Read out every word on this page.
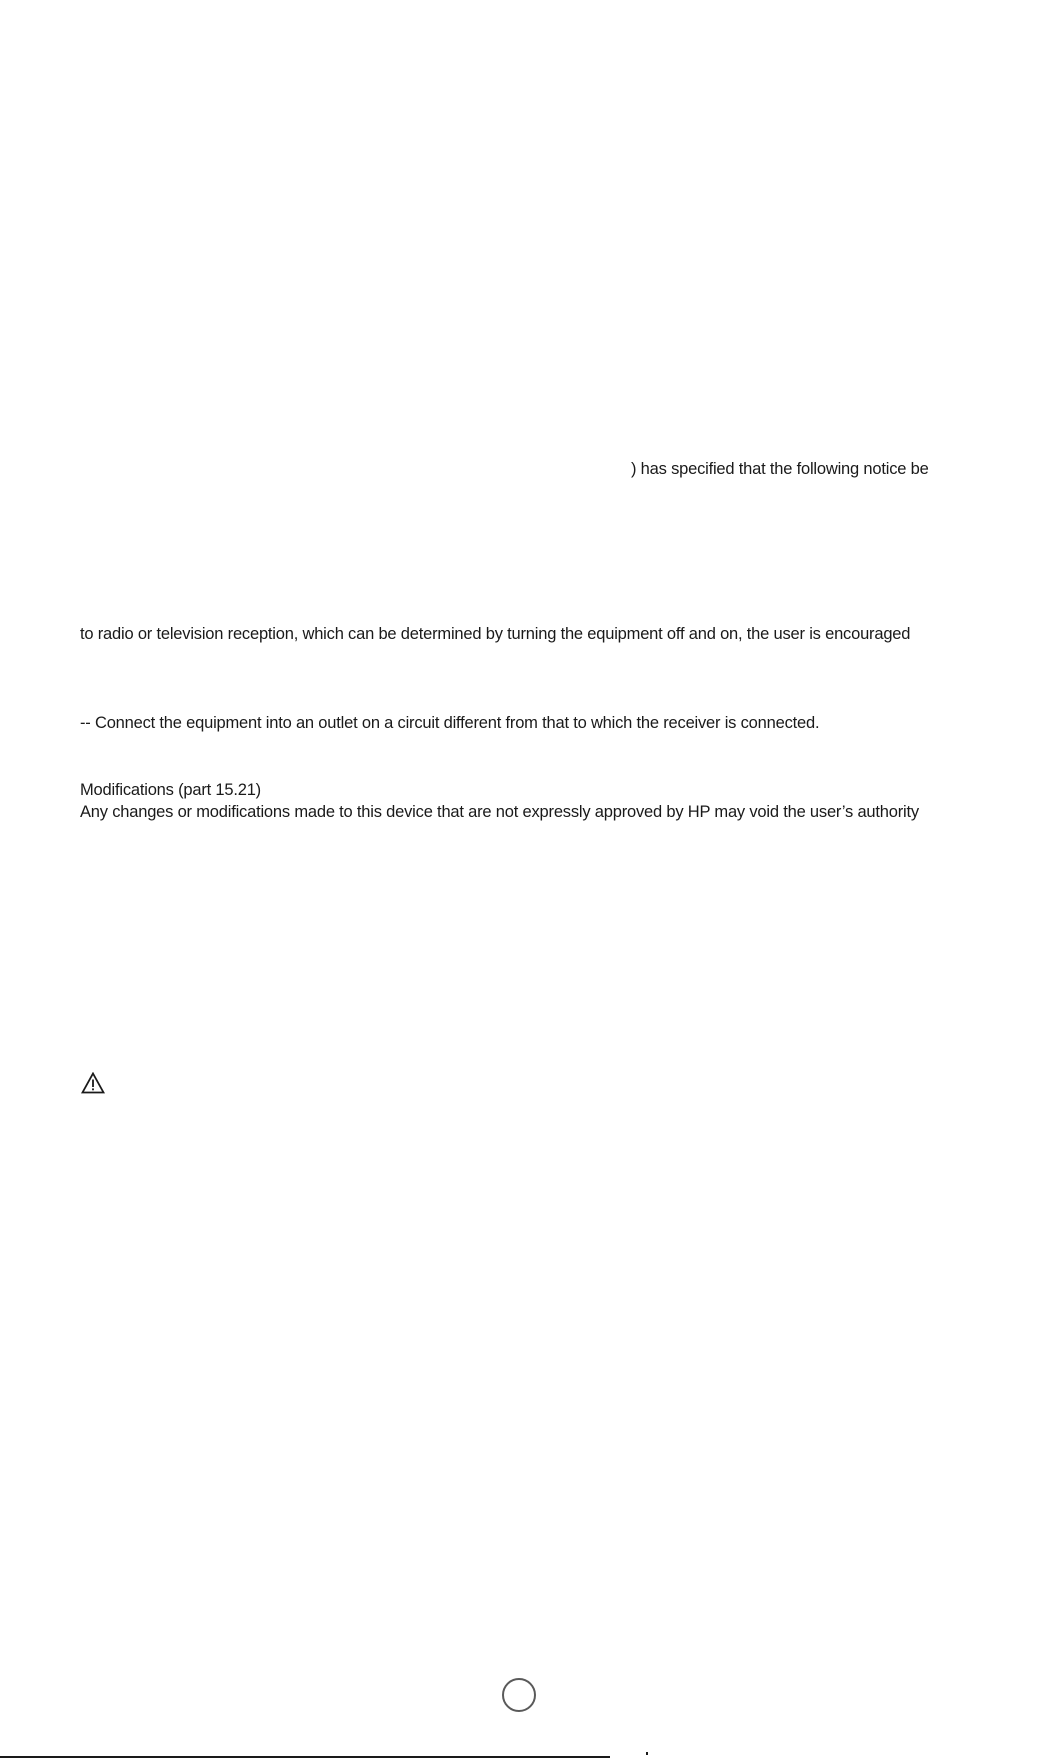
) has specified that the following notice be
to radio or television reception, which can be determined by turning the equipment off and on, the user is encouraged
-- Connect the equipment into an outlet on a circuit different from that to which the receiver is connected.
Modifications (part 15.21)
Any changes or modifications made to this device that are not expressly approved by HP may void the user’s authority
